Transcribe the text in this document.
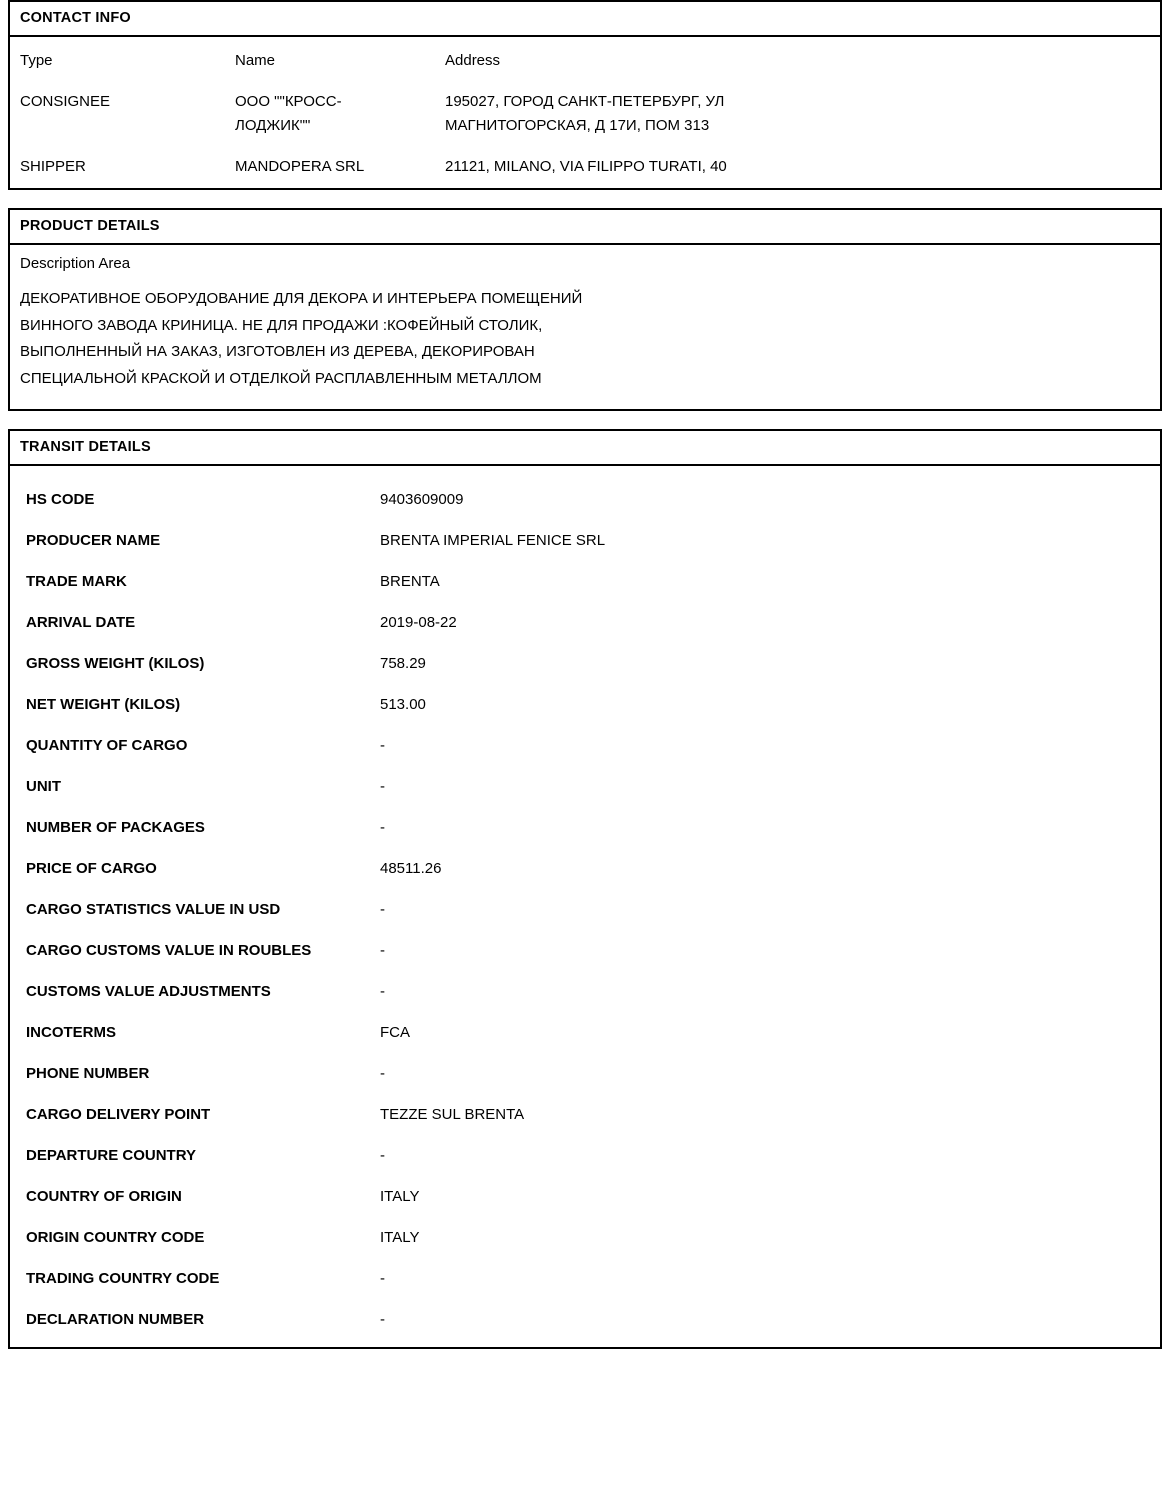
CONTACT INFO
Type	Name	Address
CONSIGNEE	ООО ""КРОСС-
ЛОДЖИК""	195027, ГОРОД САНКТ-ПЕТЕРБУРГ, УЛ
МАГНИТОГОРСКАЯ, Д 17И, ПОМ 313

SHIPPER	MANDOPERA SRL	21121, MILANO, VIA FILIPPO TURATI, 40
PRODUCT DETAILS
Description Area
ДЕКОРАТИВНОЕ ОБОРУДОВАНИЕ ДЛЯ ДЕКОРА И ИНТЕРЬЕРА ПОМЕЩЕНИЙ
ВИННОГО ЗАВОДА КРИНИЦА. НЕ ДЛЯ ПРОДАЖИ :КОФЕЙНЫЙ СТОЛИК,
ВЫПОЛНЕННЫЙ НА ЗАКАЗ, ИЗГОТОВЛЕН ИЗ ДЕРЕВА, ДЕКОРИРОВАН
СПЕЦИАЛЬНОЙ КРАСКОЙ И ОТДЕЛКОЙ РАСПЛАВЛЕННЫМ МЕТАЛЛОМ
TRANSIT DETAILS
HS CODE	9403609009
PRODUCER NAME	BRENTA IMPERIAL FENICE SRL
TRADE MARK	BRENTA
ARRIVAL DATE	2019-08-22
GROSS WEIGHT (KILOS)	758.29
NET WEIGHT (KILOS)	513.00
QUANTITY OF CARGO	-
UNIT	-
NUMBER OF PACKAGES	-
PRICE OF CARGO	48511.26
CARGO STATISTICS VALUE IN USD	-
CARGO CUSTOMS VALUE IN ROUBLES	-
CUSTOMS VALUE ADJUSTMENTS	-
INCOTERMS	FCA
PHONE NUMBER	-
CARGO DELIVERY POINT	TEZZE SUL BRENTA
DEPARTURE COUNTRY	-
COUNTRY OF ORIGIN	ITALY
ORIGIN COUNTRY CODE	ITALY
TRADING COUNTRY CODE	-
DECLARATION NUMBER	-
